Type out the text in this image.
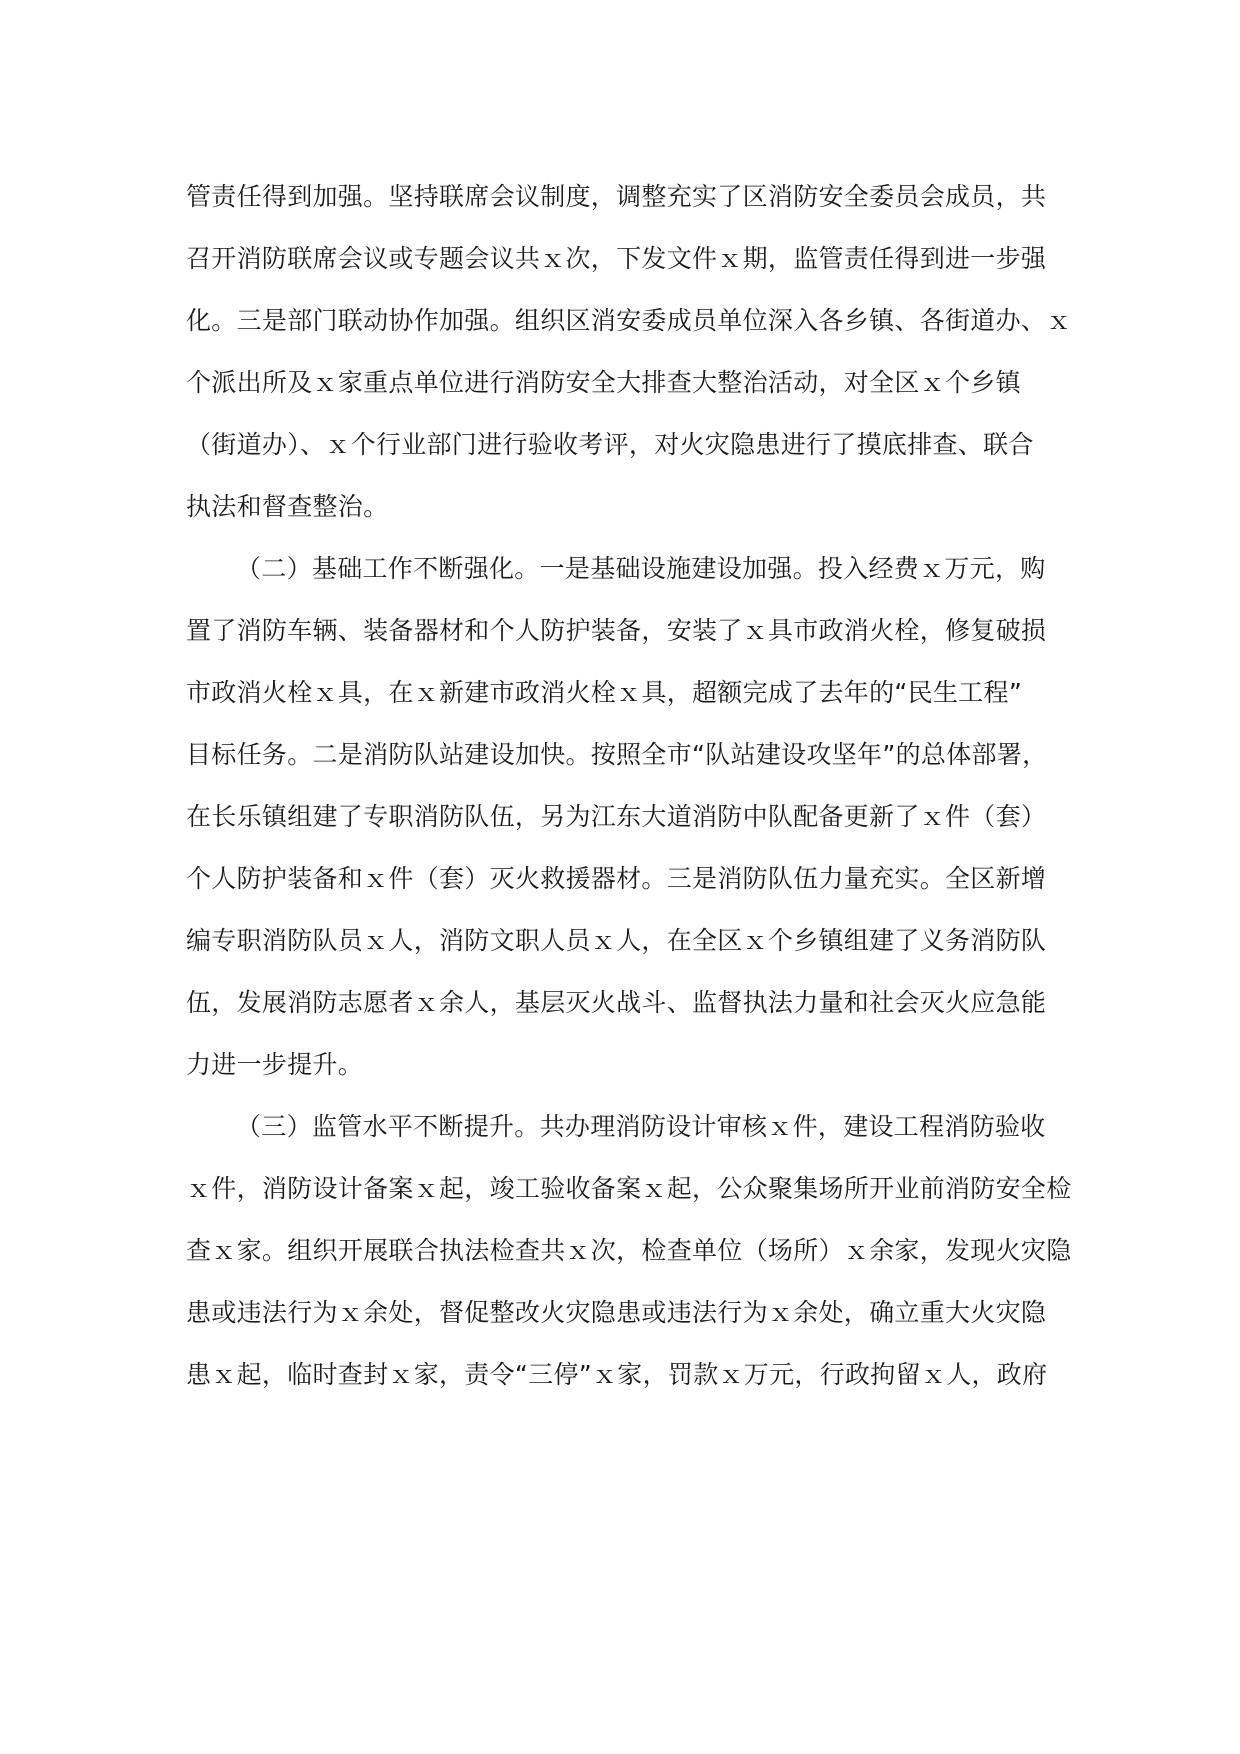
管责任得到加强。坚持联席会议制度，调整充实了区消防安全委员会成员，共
召开消防联席会议或专题会议共ｘ次，下发文件ｘ期，监管责任得到进一步强
化。三是部门联动协作加强。组织区消安委成员单位深入各乡镇、各街道办、ｘ
个派出所及ｘ家重点单位进行消防安全大排查大整治活动，对全区ｘ个乡镇
（街道办）、ｘ个行业部门进行验收考评，对火灾隐患进行了摸底排查、联合
执法和督查整治。
（二）基础工作不断强化。一是基础设施建设加强。投入经费ｘ万元，购
置了消防车辆、装备器材和个人防护装备，安装了ｘ具市政消火栓，修复破损
市政消火栓ｘ具，在ｘ新建市政消火栓ｘ具，超额完成了去年的“民生工程”
目标任务。二是消防队站建设加快。按照全市“队站建设攻坚年”的总体部署，
在长乐镇组建了专职消防队伍，另为江东大道消防中队配备更新了ｘ件（套）
个人防护装备和ｘ件（套）灭火救援器材。三是消防队伍力量充实。全区新增
编专职消防队员ｘ人，消防文职人员ｘ人，在全区ｘ个乡镇组建了义务消防队
伍，发展消防志愿者ｘ余人，基层灭火战斗、监督执法力量和社会灭火应急能
力进一步提升。
（三）监管水平不断提升。共办理消防设计审核ｘ件，建设工程消防验收
ｘ件，消防设计备案ｘ起，竣工验收备案ｘ起，公众聚集场所开业前消防安全检
查ｘ家。组织开展联合执法检查共ｘ次，检查单位（场所）ｘ余家，发现火灾隐
患或违法行为ｘ余处，督促整改火灾隐患或违法行为ｘ余处，确立重大火灾隐
患ｘ起，临时查封ｘ家，责令“三停”ｘ家，罚款ｘ万元，行政拘留ｘ人，政府
